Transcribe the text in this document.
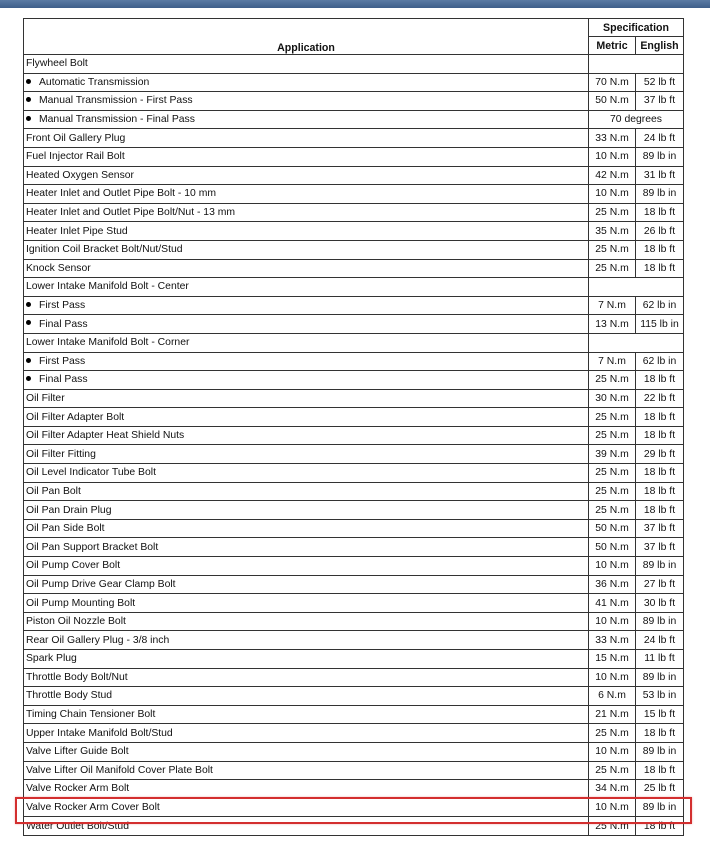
Application	Specification	
	Metric	English
Flywheel Bolt		
Automatic Transmission	70 N.m	52 lb ft
Manual Transmission - First Pass	50 N.m	37 lb ft
Manual Transmission - Final Pass	70 degrees	
Front Oil Gallery Plug	33 N.m	24 lb ft
Fuel Injector Rail Bolt	10 N.m	89 lb in
Heated Oxygen Sensor	42 N.m	31 lb ft
Heater Inlet and Outlet Pipe Bolt - 10 mm	10 N.m	89 lb in
Heater Inlet and Outlet Pipe Bolt/Nut - 13 mm	25 N.m	18 lb ft
Heater Inlet Pipe Stud	35 N.m	26 lb ft
Ignition Coil Bracket Bolt/Nut/Stud	25 N.m	18 lb ft
Knock Sensor	25 N.m	18 lb ft
Lower Intake Manifold Bolt - Center		
First Pass	7 N.m	62 lb in
Final Pass	13 N.m	115 lb in
Lower Intake Manifold Bolt - Corner		
First Pass	7 N.m	62 lb in
Final Pass	25 N.m	18 lb ft
Oil Filter	30 N.m	22 lb ft
Oil Filter Adapter Bolt	25 N.m	18 lb ft
Oil Filter Adapter Heat Shield Nuts	25 N.m	18 lb ft
Oil Filter Fitting	39 N.m	29 lb ft
Oil Level Indicator Tube Bolt	25 N.m	18 lb ft
Oil Pan Bolt	25 N.m	18 lb ft
Oil Pan Drain Plug	25 N.m	18 lb ft
Oil Pan Side Bolt	50 N.m	37 lb ft
Oil Pan Support Bracket Bolt	50 N.m	37 lb ft
Oil Pump Cover Bolt	10 N.m	89 lb in
Oil Pump Drive Gear Clamp Bolt	36 N.m	27 lb ft
Oil Pump Mounting Bolt	41 N.m	30 lb ft
Piston Oil Nozzle Bolt	10 N.m	89 lb in
Rear Oil Gallery Plug - 3/8 inch	33 N.m	24 lb ft
Spark Plug	15 N.m	11 lb ft
Throttle Body Bolt/Nut	10 N.m	89 lb in
Throttle Body Stud	6 N.m	53 lb in
Timing Chain Tensioner Bolt	21 N.m	15 lb ft
Upper Intake Manifold Bolt/Stud	25 N.m	18 lb ft
Valve Lifter Guide Bolt	10 N.m	89 lb in
Valve Lifter Oil Manifold Cover Plate Bolt	25 N.m	18 lb ft
Valve Rocker Arm Bolt	34 N.m	25 lb ft
Valve Rocker Arm Cover Bolt	10 N.m	89 lb in
Water Outlet Bolt/Stud	25 N.m	18 lb ft
